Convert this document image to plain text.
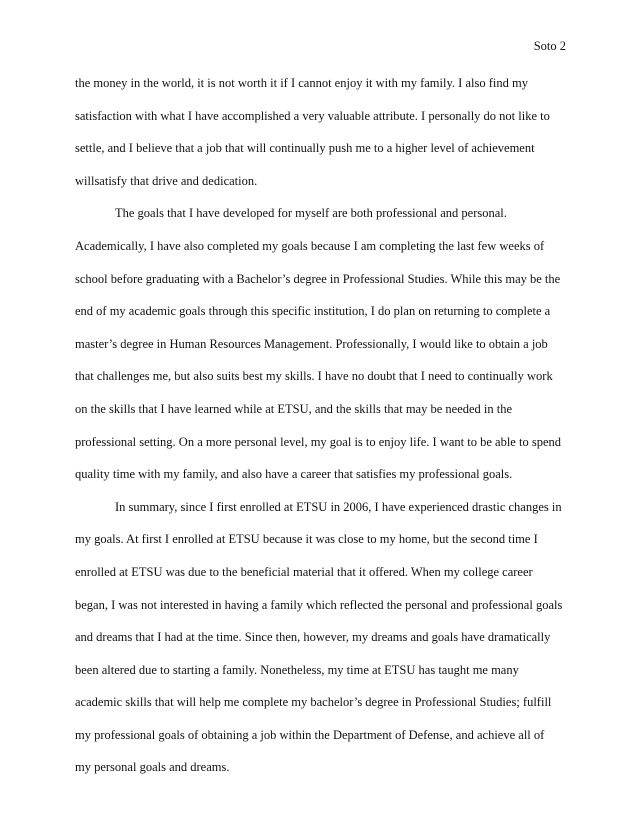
Soto 2
the money in the world, it is not worth it if I cannot enjoy it with my family. I also find my
satisfaction with what I have accomplished a very valuable attribute. I personally do not like to
settle, and I believe that a job that will continually push me to a higher level of achievement
willsatisfy that drive and dedication.
The goals that I have developed for myself are both professional and personal.
Academically, I have also completed my goals because I am completing the last few weeks of
school before graduating with a Bachelor’s degree in Professional Studies. While this may be the
end of my academic goals through this specific institution, I do plan on returning to complete a
master’s degree in Human Resources Management. Professionally, I would like to obtain a job
that challenges me, but also suits best my skills. I have no doubt that I need to continually work
on the skills that I have learned while at ETSU, and the skills that may be needed in the
professional setting. On a more personal level, my goal is to enjoy life. I want to be able to spend
quality time with my family, and also have a career that satisfies my professional goals.
In summary, since I first enrolled at ETSU in 2006, I have experienced drastic changes in
my goals. At first I enrolled at ETSU because it was close to my home, but the second time I
enrolled at ETSU was due to the beneficial material that it offered. When my college career
began, I was not interested in having a family which reflected the personal and professional goals
and dreams that I had at the time. Since then, however, my dreams and goals have dramatically
been altered due to starting a family. Nonetheless, my time at ETSU has taught me many
academic skills that will help me complete my bachelor’s degree in Professional Studies; fulfill
my professional goals of obtaining a job within the Department of Defense, and achieve all of
my personal goals and dreams.
